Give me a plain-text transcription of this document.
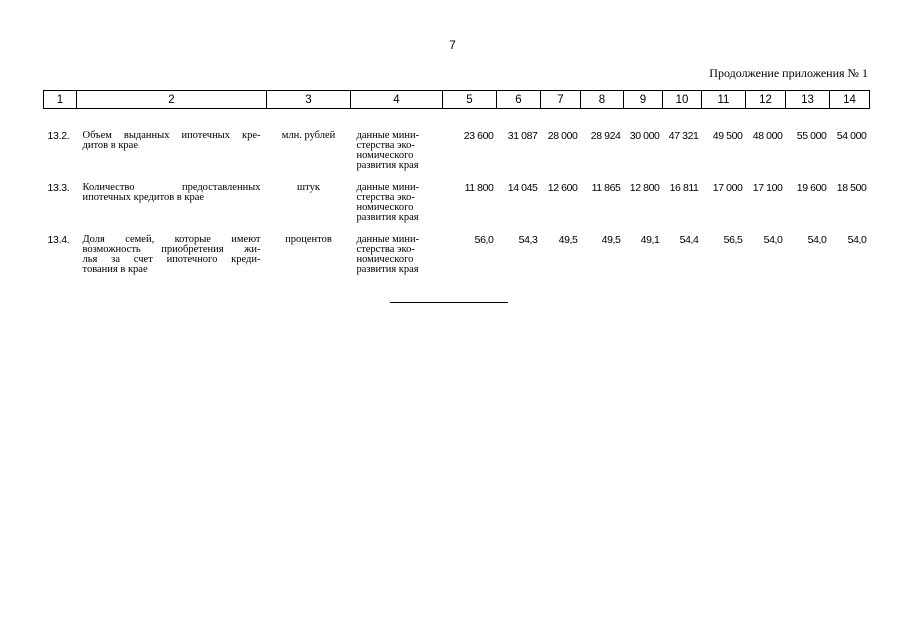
7
Продолжение приложения № 1
1	2	3	4	5	6	7	8	9	10	11	12	13	14

13.2.	Объем выданных ипотечных кре-
дитов в крае	млн. рублей	данные мини-
стерства эко-
номического
развития края	23 600	31 087	28 000	28 924	30 000	47 321	49 500	48 000	55 000	54 000
13.3.	Количество предоставленных
ипотечных кредитов в крае	штук	данные мини-
стерства эко-
номического
развития края	11 800	14 045	12 600	11 865	12 800	16 811	17 000	17 100	19 600	18 500
13.4.	Доля семей, которые имеют
возможность приобретения жи-
лья за счет ипотечного креди-
тования в крае	процентов	данные мини-
стерства эко-
номического
развития края	56,0	54,3	49,5	49,5	49,1	54,4	56,5	54,0	54,0	54,0
